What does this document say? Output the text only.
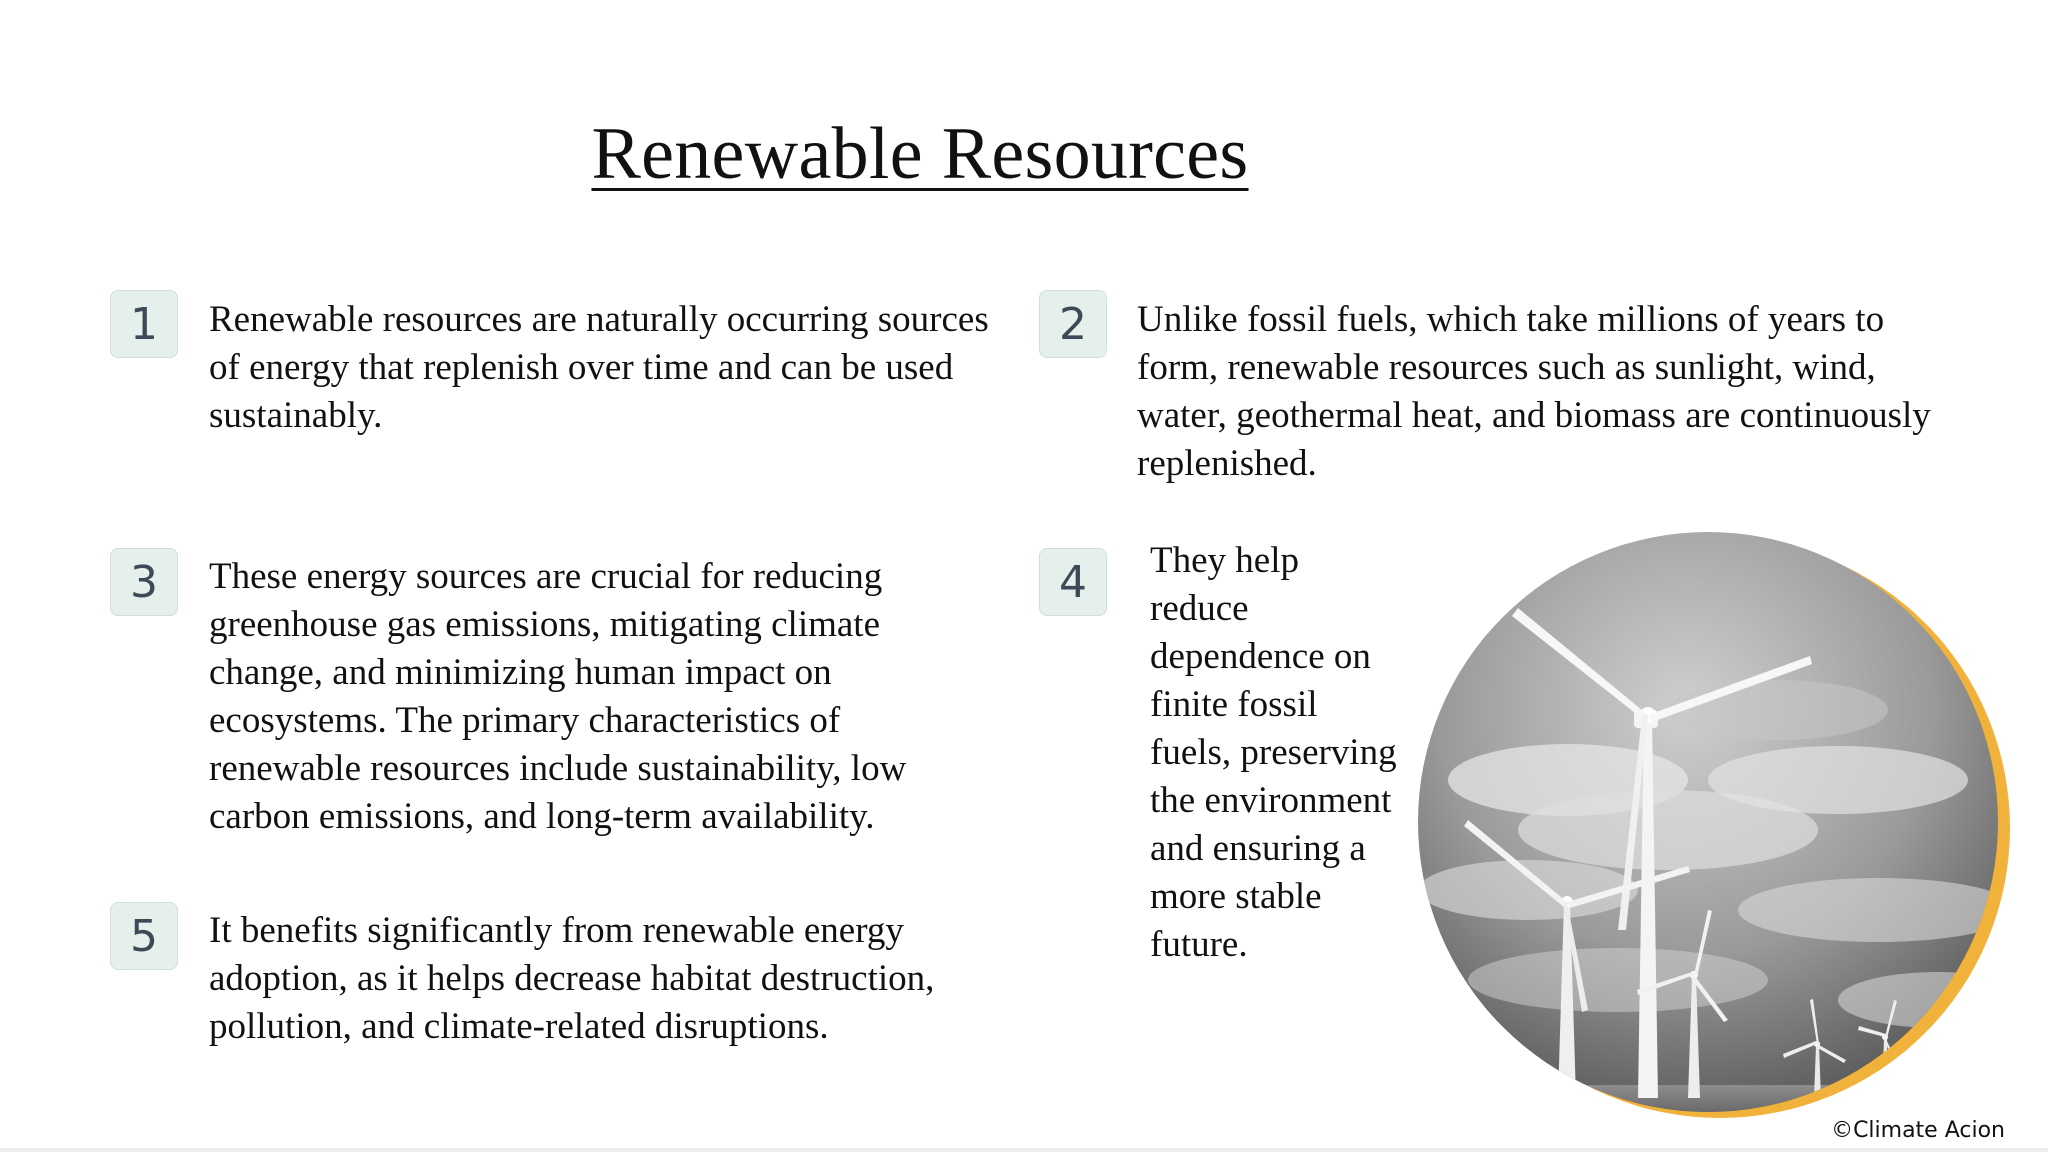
Renewable Resources
1	Renewable resources are naturally occurring sources of energy that replenish over time and can be used sustainably.

2	Unlike fossil fuels, which take millions of years to form, renewable resources such as sunlight, wind, water, geothermal heat, and biomass are continuously replenished.

3	These energy sources are crucial for reducing greenhouse gas emissions, mitigating climate change, and minimizing human impact on ecosystems. The primary characteristics of renewable resources include sustainability, low carbon emissions, and long-term availability.

4	They help reduce dependence on finite fossil fuels, preserving the environment and ensuring a more stable future.

5	It benefits significantly from renewable energy adoption, as it helps decrease habitat destruction, pollution, and climate-related disruptions.

©Climate Acion
